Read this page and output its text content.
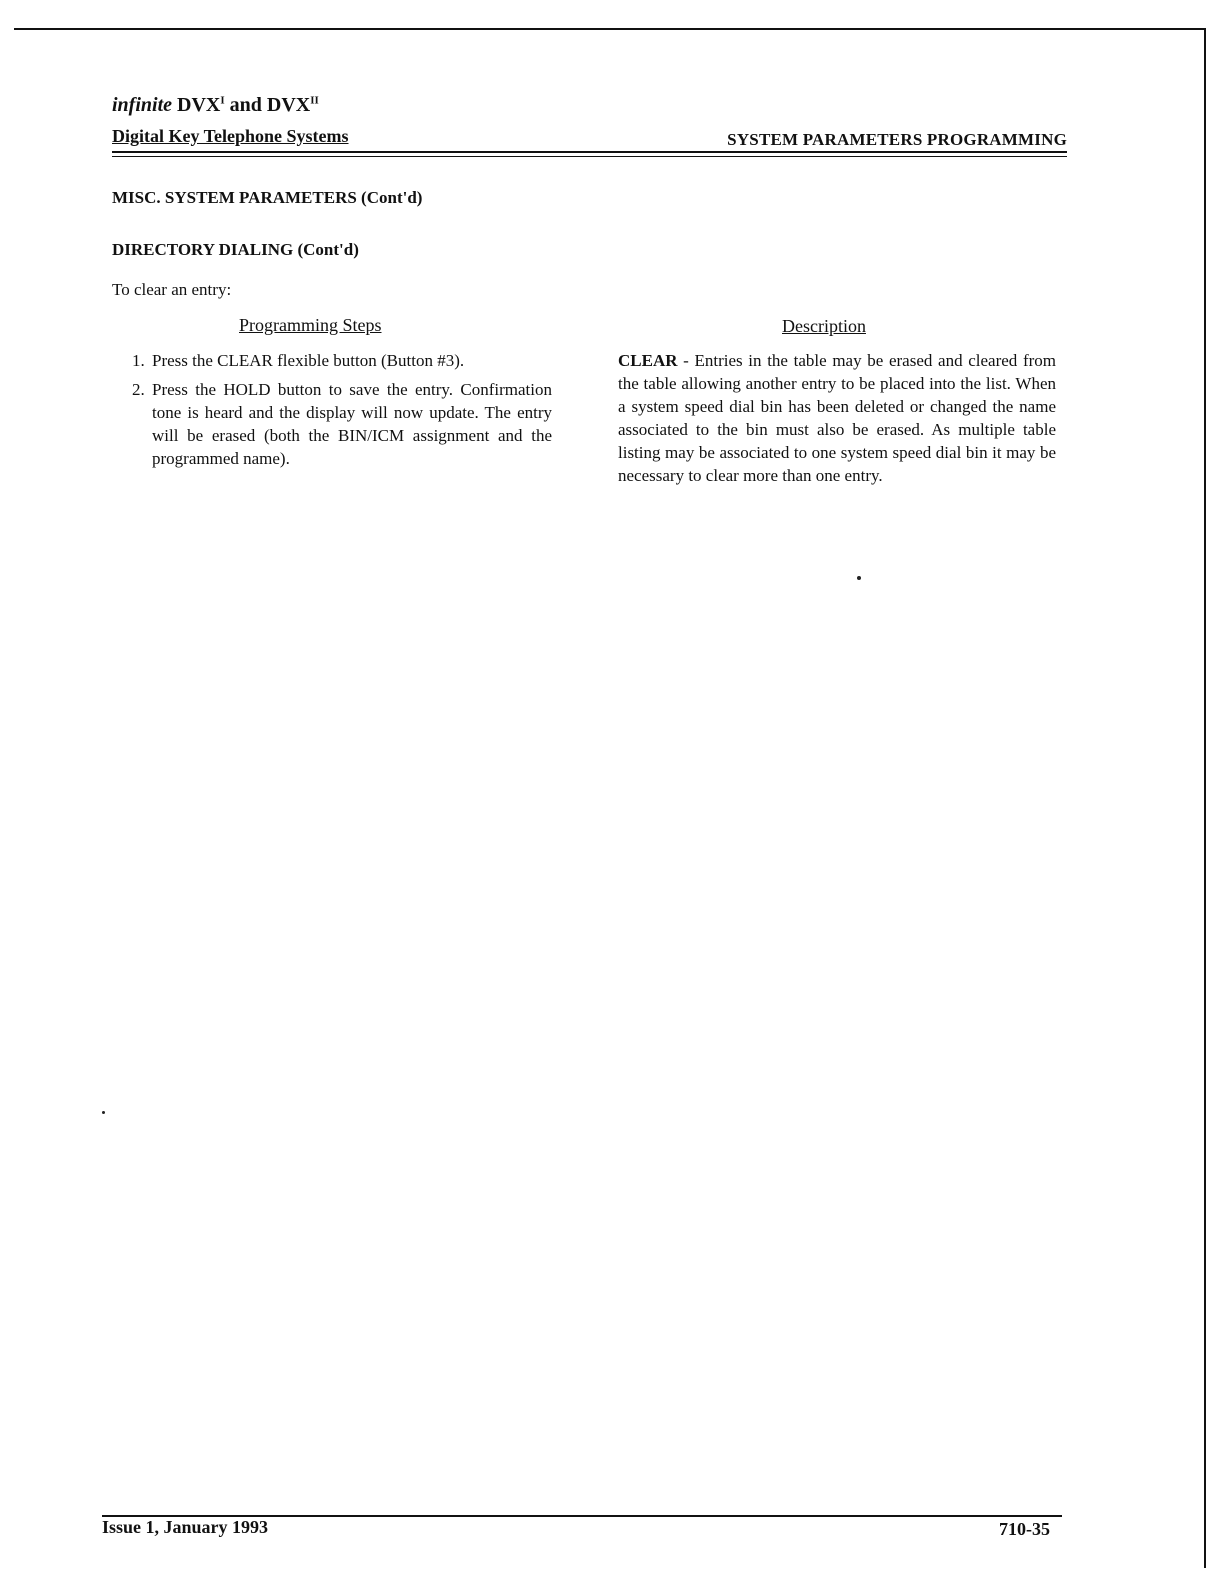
infinite $DVX^I$ and $DVX^{II}$
Digital Key Telephone Systems	SYSTEM PARAMETERS PROGRAMMING
MISC. SYSTEM PARAMETERS (Cont'd)
DIRECTORY DIALING (Cont'd)
To clear an entry:
Programming Steps	Description
1. Press the CLEAR flexible button (Button #3).
2. Press the HOLD button to save the entry. Confirmation tone is heard and the display will now update. The entry will be erased (both the BIN/ICM assignment and the programmed name).

CLEAR - Entries in the table may be erased and cleared from the table allowing another entry to be placed into the list. When a system speed dial bin has been deleted or changed the name associated to the bin must also be erased. As multiple table listing may be associated to one system speed dial bin it may be necessary to clear more than one entry.

Issue 1, January 1993	710-35
